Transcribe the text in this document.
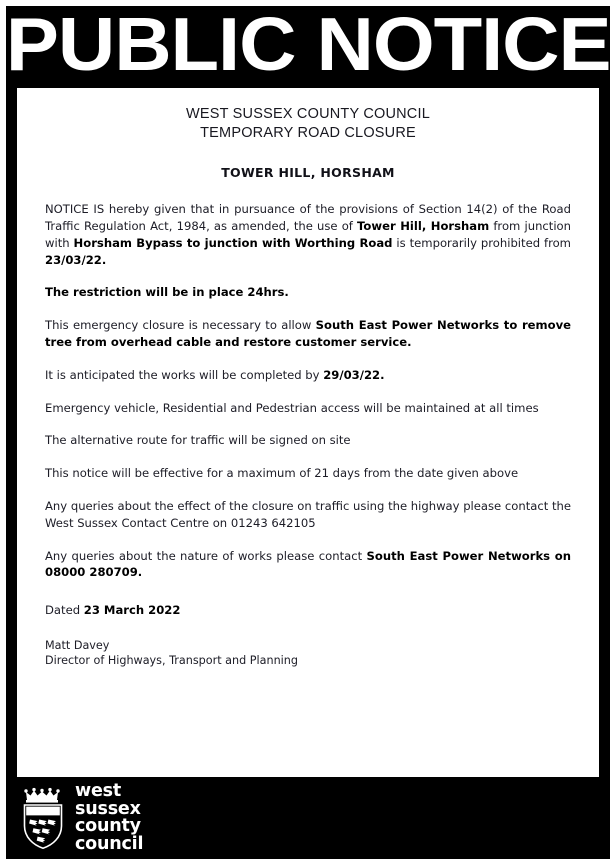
PUBLIC NOTICE
WEST SUSSEX COUNTY COUNCIL
TEMPORARY ROAD CLOSURE
TOWER HILL, HORSHAM

NOTICE IS hereby given that in pursuance of the provisions of Section 14(2) of the Road Traffic Regulation Act, 1984, as amended, the use of Tower Hill, Horsham from junction with Horsham Bypass to junction with Worthing Road is temporarily prohibited from 23/03/22.

The restriction will be in place 24hrs.

This emergency closure is necessary to allow South East Power Networks to remove tree from overhead cable and restore customer service.

It is anticipated the works will be completed by 29/03/22.

Emergency vehicle, Residential and Pedestrian access will be maintained at all times

The alternative route for traffic will be signed on site

This notice will be effective for a maximum of 21 days from the date given above

Any queries about the effect of the closure on traffic using the highway please contact the West Sussex Contact Centre on 01243 642105

Any queries about the nature of works please contact South East Power Networks on 08000 280709.

Dated 23 March 2022

Matt Davey

Director of Highways, Transport and Planning

west
sussex
county
council
